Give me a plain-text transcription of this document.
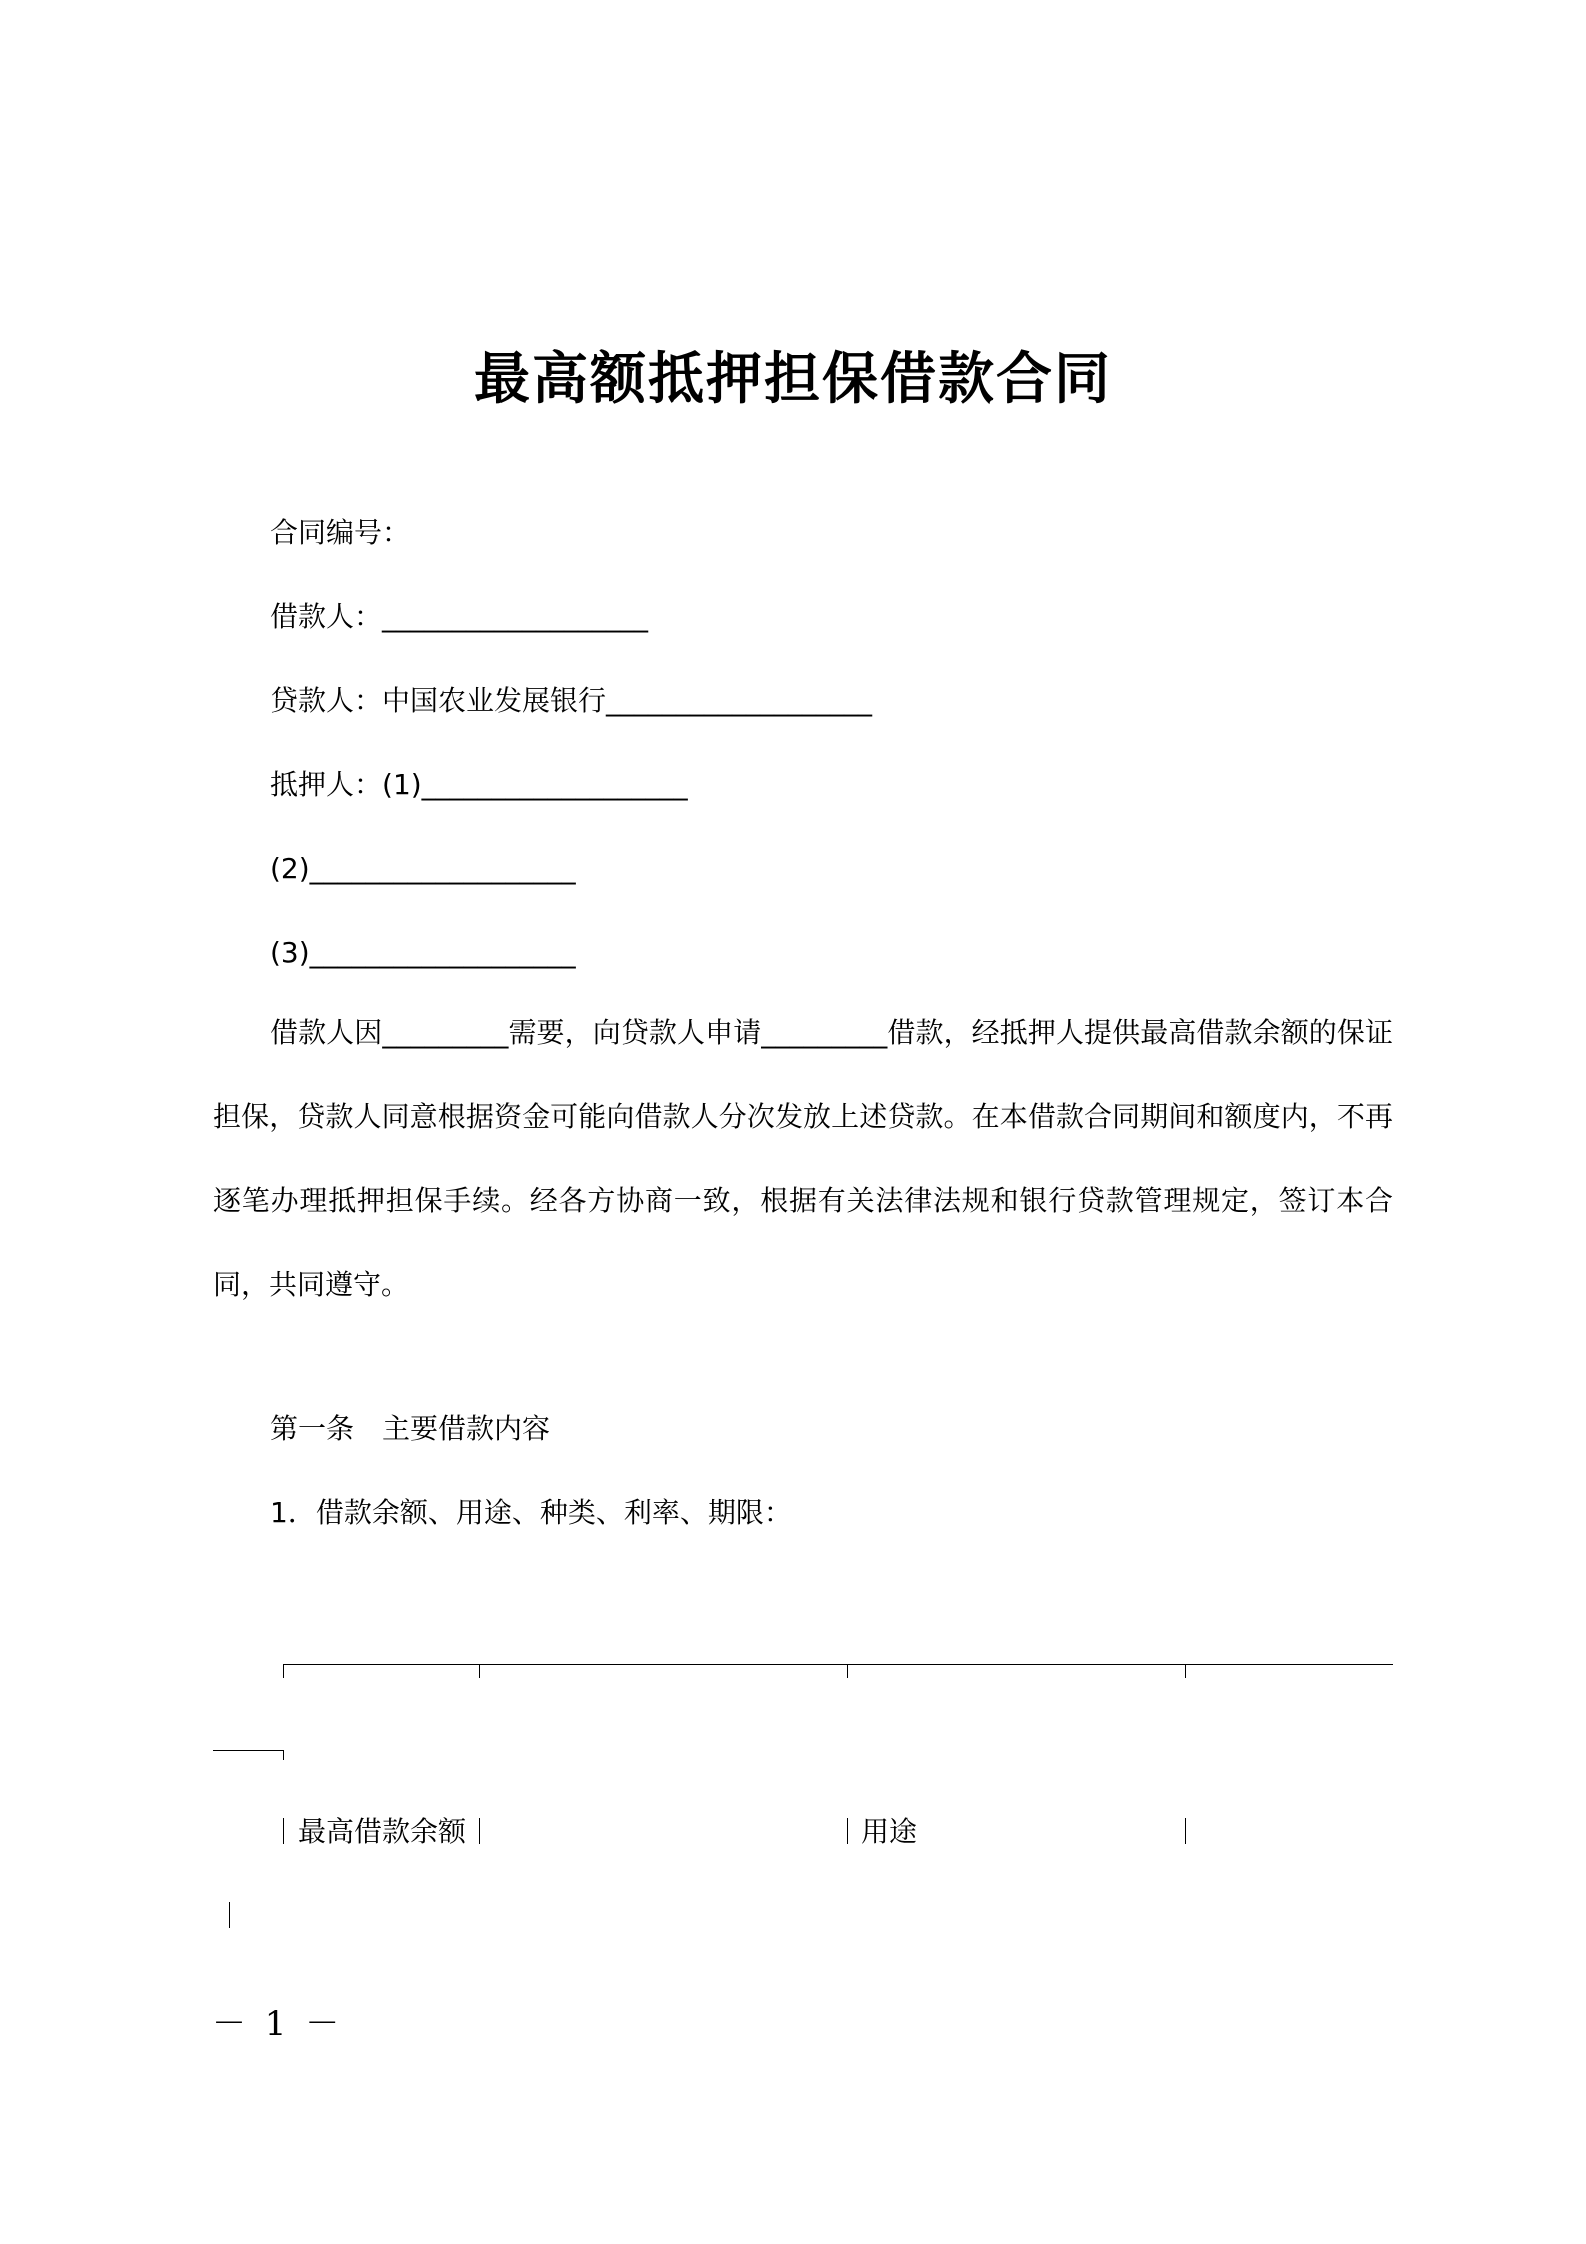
最高额抵押担保借款合同
合同编号：
借款人：___________________
贷款人：中国农业发展银行___________________
抵押人：(1)___________________
(2)___________________
(3)___________________
借款人因_________需要，向贷款人申请_________借款，经抵押人提供最高借款余额的保证担保，贷款人同意根据资金可能向借款人分次发放上述贷款。在本借款合同期间和额度内，不再逐笔办理抵押担保手续。经各方协商一致，根据有关法律法规和银行贷款管理规定，签订本合同，共同遵守。
第一条 主要借款内容
1．借款余额、用途、种类、利率、期限：
最高借款余额	用途
－ 1 －
